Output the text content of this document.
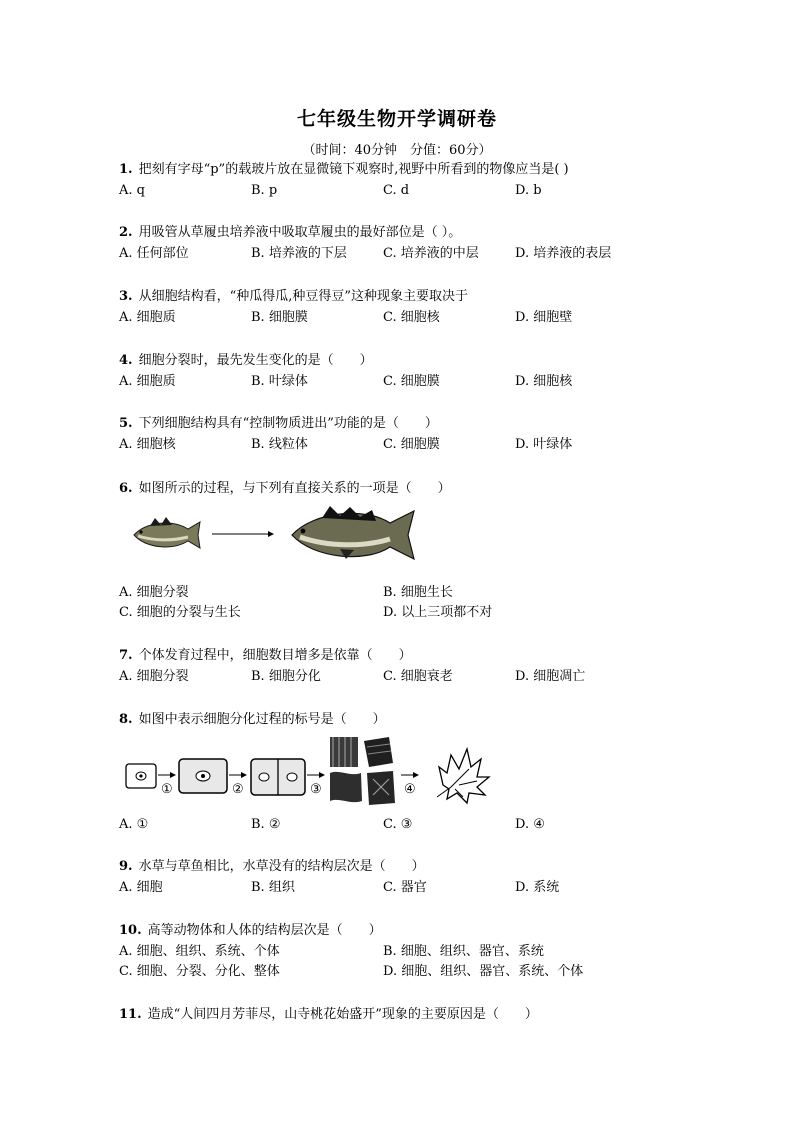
七年级生物开学调研卷
（时间：40分钟　分值：60分）
1. 把刻有字母“p”的载玻片放在显微镜下观察时,视野中所看到的物像应当是( )
A. q	B. p	C. d	D. b
2. 用吸管从草履虫培养液中吸取草履虫的最好部位是（ ）。
A. 任何部位	B. 培养液的下层	C. 培养液的中层	D. 培养液的表层
3. 从细胞结构看，“种瓜得瓜,种豆得豆”这种现象主要取决于
A. 细胞质	B. 细胞膜	C. 细胞核	D. 细胞壁
4. 细胞分裂时，最先发生变化的是（　　）
A. 细胞质	B. 叶绿体	C. 细胞膜	D. 细胞核
5. 下列细胞结构具有“控制物质进出”功能的是（　　）
A. 细胞核	B. 线粒体	C. 细胞膜	D. 叶绿体
6. 如图所示的过程，与下列有直接关系的一项是（　　）
A. 细胞分裂	B. 细胞生长
C. 细胞的分裂与生长	D. 以上三项都不对
7. 个体发育过程中，细胞数目增多是依靠（　　）
A. 细胞分裂	B. 细胞分化	C. 细胞衰老	D. 细胞凋亡
8. 如图中表示细胞分化过程的标号是（　　）
①	②	③	④
A. ①	B. ②	C. ③	D. ④
9. 水草与草鱼相比，水草没有的结构层次是（　　）
A. 细胞	B. 组织	C. 器官	D. 系统
10. 高等动物体和人体的结构层次是（　　）
A. 细胞、组织、系统、个体	B. 细胞、组织、器官、系统
C. 细胞、分裂、分化、整体	D. 细胞、组织、器官、系统、个体
11. 造成“人间四月芳菲尽，山寺桃花始盛开”现象的主要原因是（　　）
